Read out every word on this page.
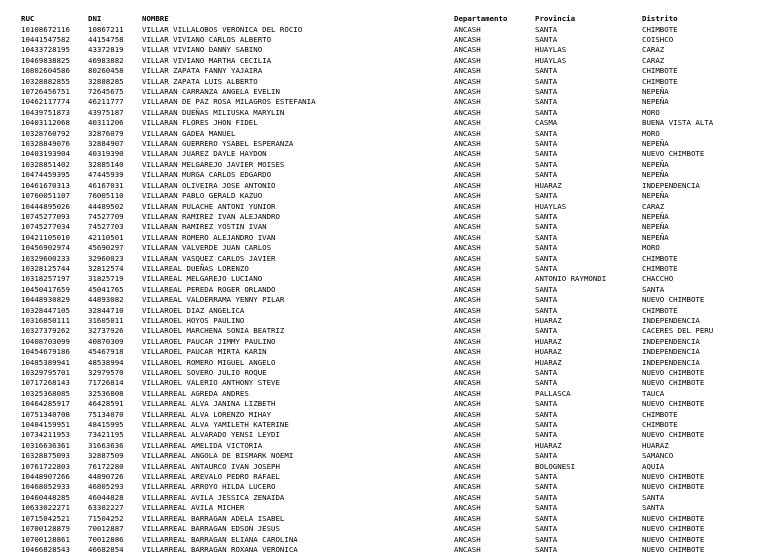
RUC	DNI	NOMBRE	Departamento	Provincia	Distrito
10108672116	10867211	VILLAR VILLALOBOS VERONICA DEL ROCIO	ANCASH	SANTA	CHIMBOTE
10441547582	44154758	VILLAR VIVIANO CARLOS ALBERTO	ANCASH	SANTA	COISHCO
10433728195	43372819	VILLAR VIVIANO DANNY SABINO	ANCASH	HUAYLAS	CARAZ
10469838825	46983882	VILLAR VIVIANO MARTHA CECILIA	ANCASH	HUAYLAS	CARAZ
10802604586	80260458	VILLAR ZAPATA FANNY YAJAIRA	ANCASH	SANTA	CHIMBOTE
10328882855	32888285	VILLAR ZAPATA LUIS ALBERTO	ANCASH	SANTA	CHIMBOTE
10726456751	72645675	VILLARAN CARRANZA ANGELA EVELIN	ANCASH	SANTA	NEPEÑA
10462117774	46211777	VILLARAN DE PAZ ROSA MILAGROS ESTEFANIA	ANCASH	SANTA	NEPEÑA
10439751873	43975187	VILLARAN DUEÑAS MILIUSKA MARYLIN	ANCASH	SANTA	MORO
10403112068	40311206	VILLARAN FLORES JHON FIDEL	ANCASH	CASMA	BUENA VISTA ALTA
10328760792	32876079	VILLARAN GADEA MANUEL	ANCASH	SANTA	MORO
10328849076	32884907	VILLARAN GUERRERO YSABEL ESPERANZA	ANCASH	SANTA	NEPEÑA
10403193904	40319390	VILLARAN JUAREZ DAYLE HAYDON	ANCASH	SANTA	NUEVO CHIMBOTE
10328851402	32885140	VILLARAN MELGAREJO JAVIER MOISES	ANCASH	SANTA	NEPEÑA
10474459395	47445939	VILLARAN MURGA CARLOS EDGARDO	ANCASH	SANTA	NEPEÑA
10461670313	46167031	VILLARAN OLIVEIRA JOSE ANTONIO	ANCASH	HUARAZ	INDEPENDENCIA
10760051107	76005110	VILLARAN PABLO GERALD KAZUO	ANCASH	SANTA	NEPEÑA
10444895026	44489502	VILLARAN PULACHE ANTONI YUNIOR	ANCASH	HUAYLAS	CARAZ
10745277093	74527709	VILLARAN RAMIREZ IVAN ALEJANDRO	ANCASH	SANTA	NEPEÑA
10745277034	74527703	VILLARAN RAMIREZ YOSTIN IVAN	ANCASH	SANTA	NEPEÑA
10421105010	42110501	VILLARAN ROMERO ALEJANDRO IVAN	ANCASH	SANTA	NEPEÑA
10456902974	45690297	VILLARAN VALVERDE JUAN CARLOS	ANCASH	SANTA	MORO
10329600233	32960023	VILLARAN VASQUEZ CARLOS JAVIER	ANCASH	SANTA	CHIMBOTE
10328125744	32812574	VILLAREAL DUEÑAS LORENZO	ANCASH	SANTA	CHIMBOTE
10318257197	31825719	VILLAREAL MELGAREJO LUCIANO	ANCASH	ANTONIO RAYMONDI	CHACCHO
10450417659	45041765	VILLAREAL PEREDA ROGER ORLANDO	ANCASH	SANTA	SANTA
10448930829	44893082	VILLAREAL VALDERRAMA YENNY PILAR	ANCASH	SANTA	NUEVO CHIMBOTE
10328447105	32844710	VILLAROEL DIAZ ANGELICA	ANCASH	SANTA	CHIMBOTE
10316050111	31605011	VILLAROEL HOYOS PAULINO	ANCASH	HUARAZ	INDEPENDENCIA
10327379262	32737926	VILLAROEL MARCHENA SONIA BEATRIZ	ANCASH	SANTA	CACERES DEL PERU
10408703099	40870309	VILLAROEL PAUCAR JIMMY PAULINO	ANCASH	HUARAZ	INDEPENDENCIA
10454679186	45467918	VILLAROEL PAUCAR MIRTA KARIN	ANCASH	HUARAZ	INDEPENDENCIA
10485389941	48538994	VILLAROEL ROMERO MIGUEL ANGELO	ANCASH	HUARAZ	INDEPENDENCIA
10329795701	32979570	VILLAROEL SOVERO JULIO ROQUE	ANCASH	SANTA	NUEVO CHIMBOTE
10717268143	71726814	VILLAROEL VALERIO ANTHONY STEVE	ANCASH	SANTA	NUEVO CHIMBOTE
10325368085	32536808	VILLARREAL AGREDA ANDRES	ANCASH	PALLASCA	TAUCA
10464285917	46428591	VILLARREAL ALVA JANINA LIZBETH	ANCASH	SANTA	NUEVO CHIMBOTE
10751340708	75134070	VILLARREAL ALVA LORENZO MIHAY	ANCASH	SANTA	CHIMBOTE
10484159951	48415995	VILLARREAL ALVA YAMILETH KATERINE	ANCASH	SANTA	CHIMBOTE
10734211953	73421195	VILLARREAL ALVARADO YENSI LEYDI	ANCASH	SANTA	NUEVO CHIMBOTE
10316636361	31663636	VILLARREAL AMELIDA VICTORIA	ANCASH	HUARAZ	HUARAZ
10328875093	32887509	VILLARREAL ANGOLA DE BISMARK NOEMI	ANCASH	SANTA	SAMANCO
10761722803	76172280	VILLARREAL ANTAURCO IVAN JOSEPH	ANCASH	BOLOGNESI	AQUIA
10448907266	44890726	VILLARREAL AREVALO PEDRO RAFAEL	ANCASH	SANTA	NUEVO CHIMBOTE
10468052933	46805293	VILLARREAL ARROYO HILDA LUCERO	ANCASH	SANTA	NUEVO CHIMBOTE
10460448285	46044828	VILLARREAL AVILA JESSICA ZENAIDA	ANCASH	SANTA	SANTA
10633022271	63302227	VILLARREAL AVILA MICHER	ANCASH	SANTA	SANTA
10715042521	71504252	VILLARREAL BARRAGAN ADELA ISABEL	ANCASH	SANTA	NUEVO CHIMBOTE
10700128879	70012887	VILLARREAL BARRAGAN EDSON JESUS	ANCASH	SANTA	NUEVO CHIMBOTE
10700128861	70012886	VILLARREAL BARRAGAN ELIANA CAROLINA	ANCASH	SANTA	NUEVO CHIMBOTE
10466828543	46682854	VILLARREAL BARRAGAN ROXANA VERONICA	ANCASH	SANTA	NUEVO CHIMBOTE
